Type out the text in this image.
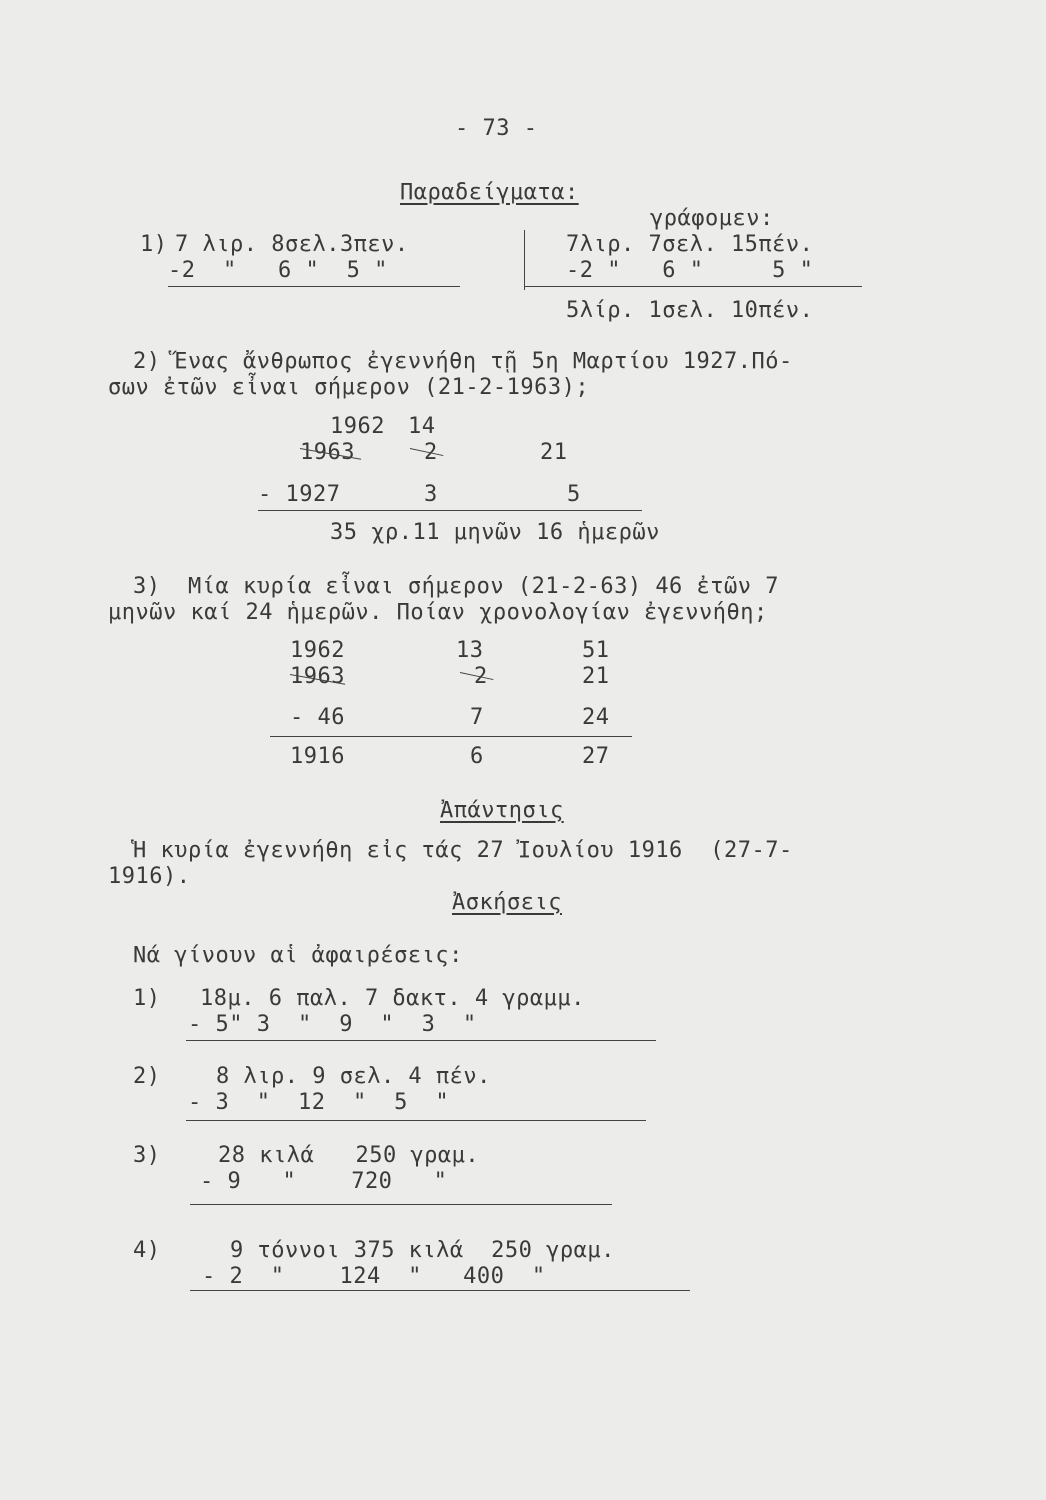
- 73 -
Παραδείγματα:
1) 7 λιρ. 8σελ.3πεν.
-2  "   6 "  5 "
γράφομεν:
7λιρ. 7σελ. 15πέν.
-2 "   6 "     5 "
5λίρ. 1σελ. 10πέν.
2) Ἕνας ἄνθρωπος ἐγεννήθη τῇ 5η Μαρτίου 1927.Πό-
σων ἐτῶν εἶναι σήμερον (21-2-1963);
1962 14
1963	2	21
- 1927	3	5
35 χρ.11 μηνῶν 16 ἡμερῶν
3)  Μία κυρία εἶναι σήμερον (21-2-63) 46 ἐτῶν 7
μηνῶν καί 24 ἡμερῶν. Ποίαν χρονολογίαν ἐγεννήθη;
1962	13	51
1963	2	21
- 46	7	24
1916	6	27
Ἀπάντησις
Ἡ κυρία ἐγεννήθη εἰς τάς 27 Ἰουλίου 1916  (27-7-
1916).
Ἀσκήσεις
Νά γίνουν αἱ ἀφαιρέσεις:
1) 18μ. 6 παλ. 7 δακτ. 4 γραμμ.
- 5" 3  "  9  "  3  "
2)	8 λιρ. 9 σελ. 4 πέν.
- 3  "  12  "  5  "
3)	28 κιλά   250 γραμ.
- 9   "    720   "
4)	9 τόννοι 375 κιλά  250 γραμ.
- 2  "    124  "   400  "
